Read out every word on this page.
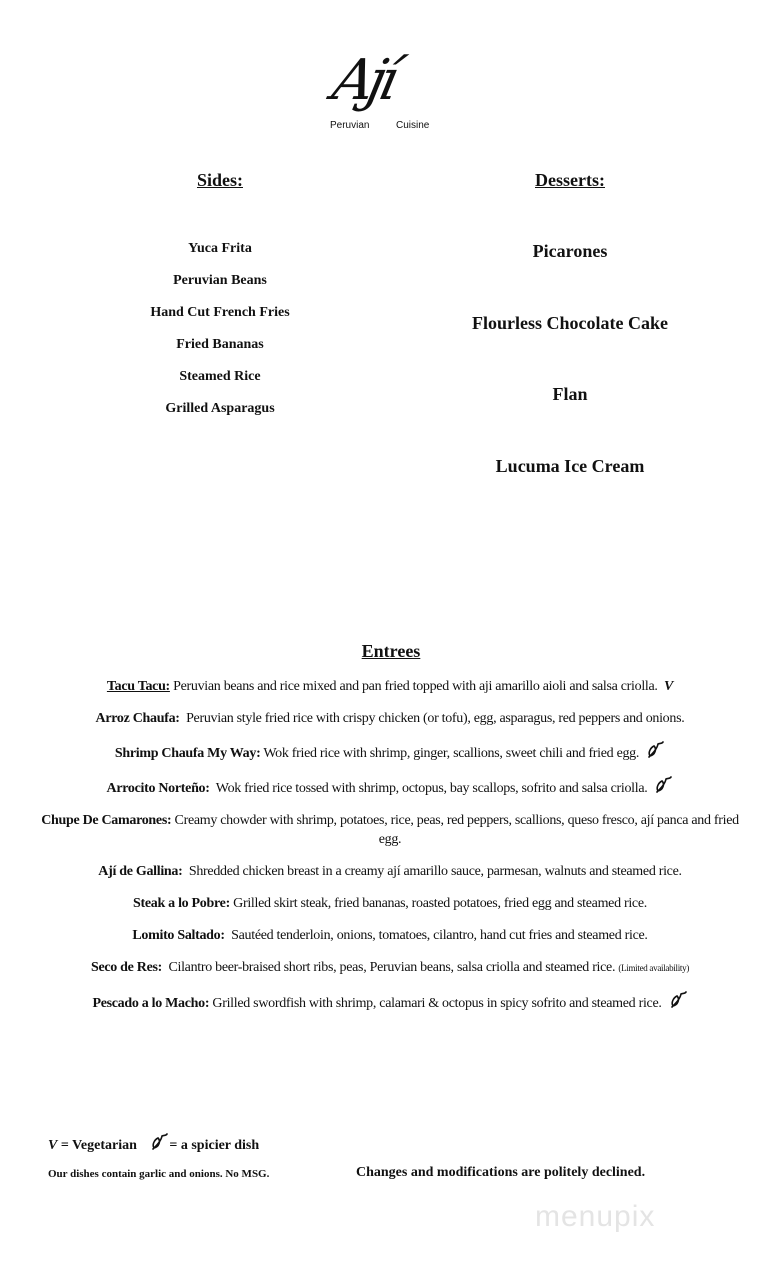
Ají
Peruvian	Cuisine
Sides:
Yuca Frita
Peruvian Beans
Hand Cut French Fries
Fried Bananas
Steamed Rice
Grilled Asparagus
Desserts:
Picarones
Flourless Chocolate Cake
Flan
Lucuma Ice Cream
Entrees
Tacu Tacu: Peruvian beans and rice mixed and pan fried topped with aji amarillo aioli and salsa criolla. V
Arroz Chaufa: Peruvian style fried rice with crispy chicken (or tofu), egg, asparagus, red peppers and onions.
Shrimp Chaufa My Way: Wok fried rice with shrimp, ginger, scallions, sweet chili and fried egg.
Arrocito Norteño: Wok fried rice tossed with shrimp, octopus, bay scallops, sofrito and salsa criolla.
Chupe De Camarones: Creamy chowder with shrimp, potatoes, rice, peas, red peppers, scallions, queso fresco, ají panca and fried egg.
Ají de Gallina: Shredded chicken breast in a creamy ají amarillo sauce, parmesan, walnuts and steamed rice.
Steak a lo Pobre: Grilled skirt steak, fried bananas, roasted potatoes, fried egg and steamed rice.
Lomito Saltado: Sautéed tenderloin, onions, tomatoes, cilantro, hand cut fries and steamed rice.
Seco de Res: Cilantro beer-braised short ribs, peas, Peruvian beans, salsa criolla and steamed rice. (Limited availability)
Pescado a lo Macho: Grilled swordfish with shrimp, calamari & octopus in spicy sofrito and steamed rice.
V = Vegetarian = a spicier dish
Our dishes contain garlic and onions. No MSG.	Changes and modifications are politely declined.
menupix
